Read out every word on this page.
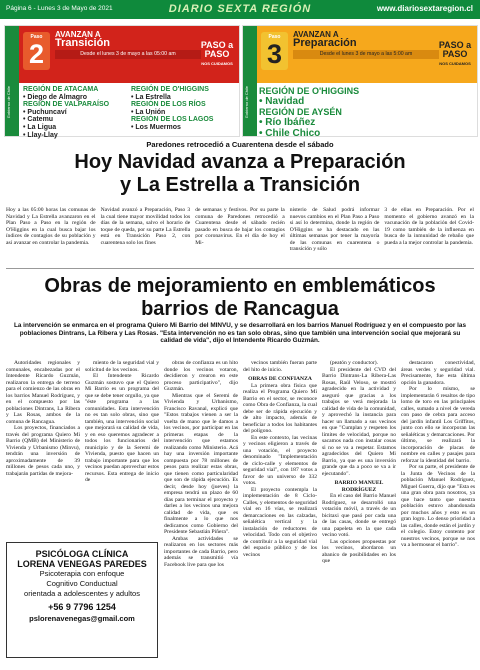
Página 6 - Lunes 3 de Mayo de 2021	DIARIO SEXTA REGIÓN	www.diariosextaregion.cl
Gobierno de Chile
Paso
2
AVANZAN A
Transición
Desde el lunes 3 de mayo a las 05:00 am
PASO a PASO
NOS CUIDAMOS
REGIÓN DE ATACAMA
• Diego de Almagro
REGIÓN DE VALPARAÍSO
• Puchuncaví
• Catemu
• La Ligua
• Llay-Llay
REGIÓN DE O'HIGGINS
• La Estrella
REGIÓN DE LOS RÍOS
• La Unión
REGIÓN DE LOS LAGOS
• Los Muermos
Gobierno de Chile
Paso
3
AVANZAN A
Preparación
Desde el lunes 3 de mayo a las 5:00 am
PASO a PASO
NOS CUIDAMOS
REGIÓN DE O'HIGGINS
• Navidad
REGIÓN DE AYSÉN
• Río Ibáñez
• Chile Chico
Paredones retrocedió a Cuarentena desde el sábado
Hoy Navidad avanza a Preparación
y La Estrella a Transición
Hoy a las 05:00 horas las comunas de Navidad y La Estrella avanzaron en el Plan Paso a Paso en la región de O'Higgins en la cual busca bajar los índices de contagios de su población y así avanzar en controlar la pandemia.
Navidad avanzó a Preparación, Paso 3 la cual tiene mayor movilidad todos los días de la semana, salvo el horario de toque de queda, por su parte La Estrella está en Transición Paso 2, con cuarentena solo los fines
de semanas y festivos. Por su parte la comuna de Paredones retrocedió a Cuarentena desde el sábado recién pasado en busca de bajar los contagios por coronavirus. En el día de hoy el Mi-
nisterio de Salud podrá informar nuevos cambios en el Plan Paso a Paso si así lo determina, donde la región de O'Higgins se ha destacado en las últimas semanas por tener la mayoría de las comunas en cuarentena o transición y sólo
3 de ellas en Preparación. Por el momento el gobierno avanzó en la vacunación de la población del Covid-19 como también de la influenza en busca de la inmunidad de rebaño que pueda a la mejor controlar la pandemia.
Obras de mejoramiento en emblemáticos
barrios de Rancagua
La intervención se enmarca en el programa Quiero Mi Barrio del MINVU, y se desarrollará en los barrios Manuel Rodríguez y en el compuesto por las poblaciones Dintrans, La Ribera y Las Rosas. "Esta intervención no es tan solo obras, sino que también una intervención social que mejorará su calidad de vida", dijo el Intendente Ricardo Guzmán.

Autoridades regionales y comunales, encabezadas por el Intendente Ricardo Guzmán, realizaron la entrega de terreno para el comienzo de las obras en los barrios Manuel Rodríguez, y en el compuesto por las poblaciones Dintrans, La Ribera y Las Rosas, ambos de la comuna de Rancagua.

Los proyectos, financiados a través del programa Quiero Mi Barrio (QMB) del Ministerio de Vivienda y Urbanismo (Minvu), tendrán una inversión de aproximadamente de 39 millones de pesos cada uno, y trabajarán partidas de mejora-

miento de la seguridad vial y solicitud de los vecinos.

El Intendente Ricardo Guzmán sostuvo que el Quiero Mi Barrio es un programa del que se debe tener orgullo, ya que "éste programa a las comunidades. Esta intervención no es tan solo obras, sino que también, una intervención social que mejorará su calidad de vida, y en eso queremos agradecer a todos los funcionarios del municipio y de la Seremi de Vivienda, puesto que hacen un trabajo importante para que los vecinos puedan aprovechar estos recursos. Esta entrega de inicio de

obras de confianza es un hito donde los vecinos votaron, decidieron y crearon en este proceso participativo", dijo Guzmán.

Mientras que el Seremi de Vivienda y Urbanismo, Francisco Ravanal, explicó que "Estos trabajos vienen a ser la vuelta de mano que le damos a los vecinos, por participar en las primeras etapas de la intervención que estamos realizando como Ministerio. Acá hay una inversión importante compuesta por 78 millones de pesos para realizar estas obras, que tienen como particularidad que son de rápida ejecución. Es decir, desde hoy (jueves) la empresa tendrá un plazo de 60 días para terminar el proyecto y darles a los vecinos una mejora calidad de vida, que es finalmente a lo que nos dedicamos como Gobierno del Presidente Sebastián Piñera".

Ambas actividades se realizaron en los sectores más importantes de cada Barrio, pero además se transmitió vía Facebook live para que los

vecinos también fueran parte del hito de inicio.

OBRAS DE CONFIANZA

La primera obra física que realiza el Programa Quiero Mi Barrio en el sector, se reconoce como Obra de Confianza, la cual debe ser de rápida ejecución y de alto impacto, además de beneficiar a todos los habitantes del polígono.

En este contexto, las vecinas y vecinos eligieron a través de una votación, el proyecto denominado "Implementación de ciclo-calle y elementos de seguridad vial", con 187 votos a favor de un universo de 332 votos.

El proyecto contempla la implementación de 8 Ciclo-Calles, y elementos de seguridad vial en 16 vías, se realizará demarcaciones en las calzadas, señalética vertical y la instalación de reductores de velocidad. Todo con el objetivo de contribuir a la seguridad vial del espacio público y de los vecinos

(peatón y conductor).

El presidente del CVD del Barrio Dintrans-La Ribera-Las Rosas, Raúl Veloso, se mostró agradecido en la actividad y aseguró que gracias a los trabajos se verá mejorada la calidad de vida de la comunidad, y aprovechó la instancia para hacer un llamado a sus vecinos en que "Cumplan y respeten los límites de velocidad, porque no sacamos nada con instalar cosas si no se va a respetar. Estamos agradecidos del Quiero Mi Barrio, ya que es una inversión grande que da a poco se va a ir ejecutando".

BARRIO MANUEL RODRÍGUEZ

En el caso del Barrio Manuel Rodríguez, se desarrolló una votación móvil, a través de un bicitaxi que pasó por cada una de las casas, donde se entregó una papeleta en la que cada vecino votó.

Las opciones propuestas por los vecinos, abordaron un abanico de posibilidades en los que

destacaron conectividad, áreas verdes y seguridad vial. Precisamente, fue esta última opción la ganadora.

Por lo mismo, se implementarán 6 resaltos de tipo lomo de toro en las principales calles, sumado a nivel de vereda con paso de cebra para acceso del jardín infantil Los Griffitos, junto con ello se incorporan las señaléticas y demarcaciones. Por último, se realizará la incorporación de placas de nombre en calles y pasajes para reforzar la identidad del barrio.

Por su parte, el presidente de la Junta de Vecinos de la población Manuel Rodríguez, Miguel Guerra, dijo que "Esta es una gran obra para nosotros, ya que hace tanto que nuestra población estuvo abandonada por muchos años y esto es un gran logro. Lo denso prioridad a las calles, donde están el jardín y el colegio. Estoy contento por nuestros vecinos, porque se nos va a hermosear el barrio".

PSICÓLOGA CLÍNICA
LORENA VENEGAS PAREDES
Psicoterapia con enfoque
Cognitivo Conductual
orientada a adolescentes y adultos
+56 9 7796 1254
pslorenavenegas@gmail.com
